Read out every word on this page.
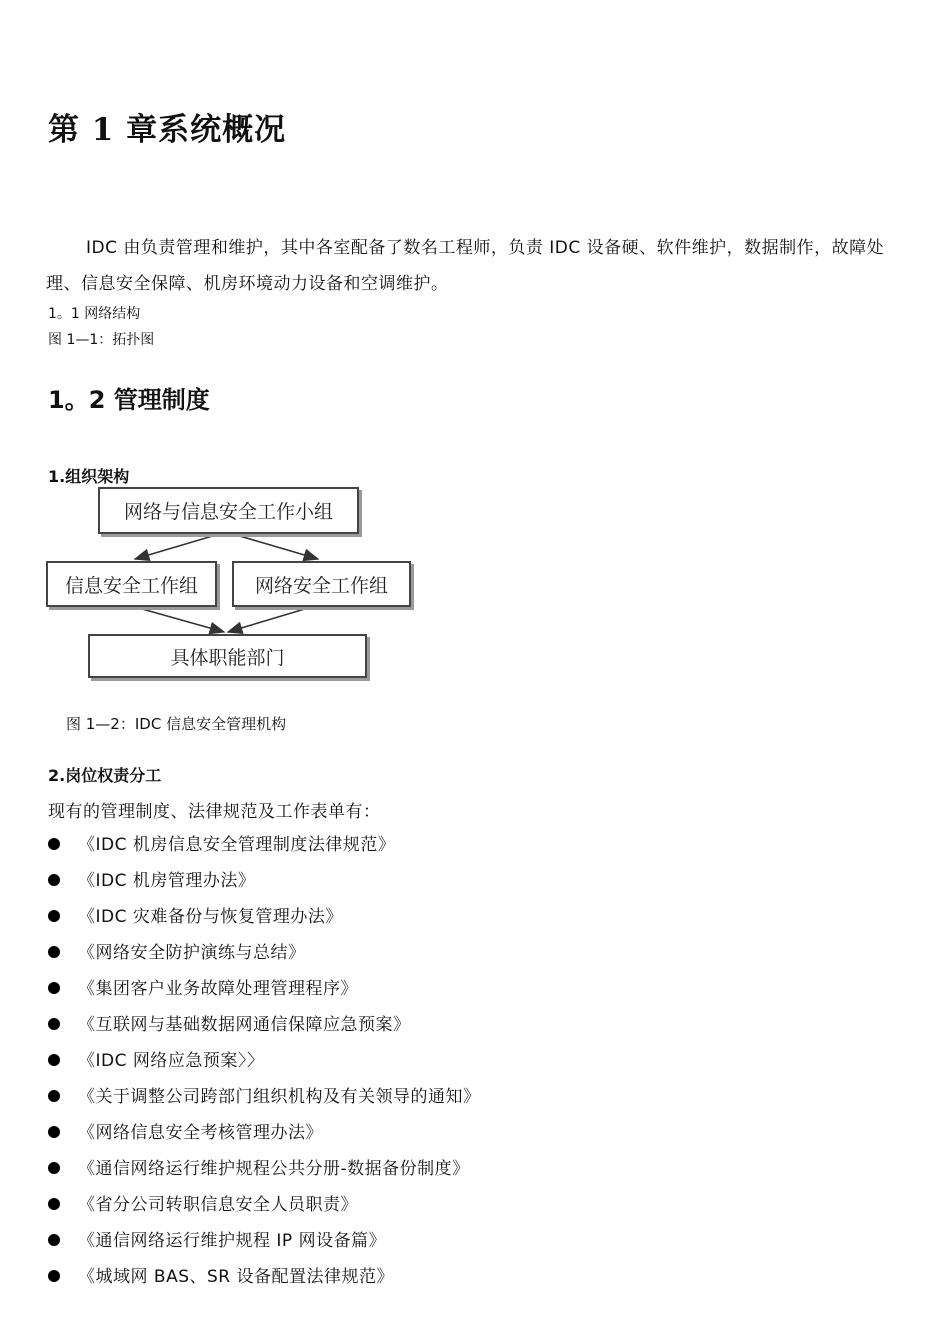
第 1 章系统概况
IDC 由负责管理和维护，其中各室配备了数名工程师，负责 IDC 设备硬、软件维护，数据制作，故障处理、信息安全保障、机房环境动力设备和空调维护。
1。1 网络结构
图 1—1：拓扑图
1。2 管理制度
1.组织架构
网络与信息安全工作小组
信息安全工作组	网络安全工作组
具体职能部门
图 1—2：IDC 信息安全管理机构
2.岗位权责分工
现有的管理制度、法律规范及工作表单有：
《IDC 机房信息安全管理制度法律规范》
《IDC 机房管理办法》
《IDC 灾难备份与恢复管理办法》
《网络安全防护演练与总结》
《集团客户业务故障处理管理程序》
《互联网与基础数据网通信保障应急预案》
《IDC 网络应急预案〉〉
《关于调整公司跨部门组织机构及有关领导的通知》
《网络信息安全考核管理办法》
《通信网络运行维护规程公共分册-数据备份制度》
《省分公司转职信息安全人员职责》
《通信网络运行维护规程 IP 网设备篇》
《城域网 BAS、SR 设备配置法律规范》
